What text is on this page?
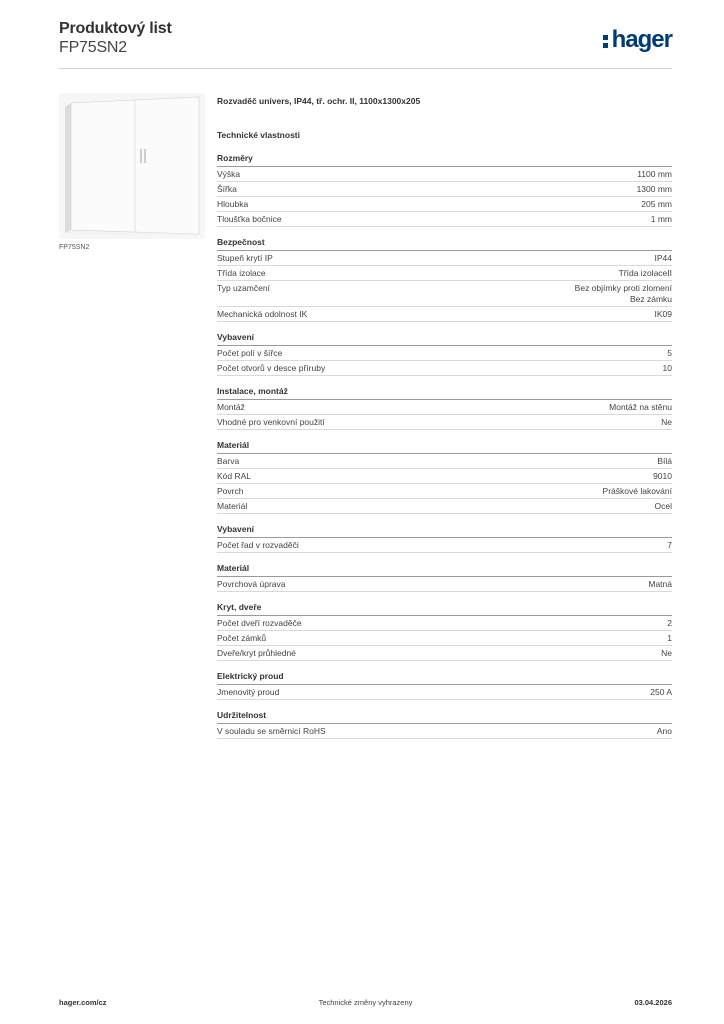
Produktový list
FP75SN2	hager
FP75SN2
Rozvaděč univers, IP44, tř. ochr. II, 1100x1300x205
Technické vlastnosti
Rozměry
Výška	1100 mm
Šířka	1300 mm
Hloubka	205 mm
Tloušťka bočnice	1 mm
Bezpečnost
Stupeň krytí IP	IP44
Třída izolace	Třída izolaceII
Typ uzamčení	Bez objímky proti zlomení
Bez zámku
Mechanická odolnost IK	IK09
Vybavení
Počet polí v šířce	5
Počet otvorů v desce příruby	10
Instalace, montáž
Montáž	Montáž na stěnu
Vhodné pro venkovní použití	Ne
Materiál
Barva	Bílá
Kód RAL	9010
Povrch	Práškové lakování
Materiál	Ocel
Vybavení
Počet řad v rozvaděči	7
Materiál
Povrchová úprava	Matná
Kryt, dveře
Počet dveří rozvaděče	2
Počet zámků	1
Dveře/kryt průhledné	Ne
Elektrický proud
Jmenovitý proud	250 A
Udržitelnost
V souladu se směrnicí RoHS	Ano
hager.com/cz	Technické změny vyhrazeny	03.04.2026
